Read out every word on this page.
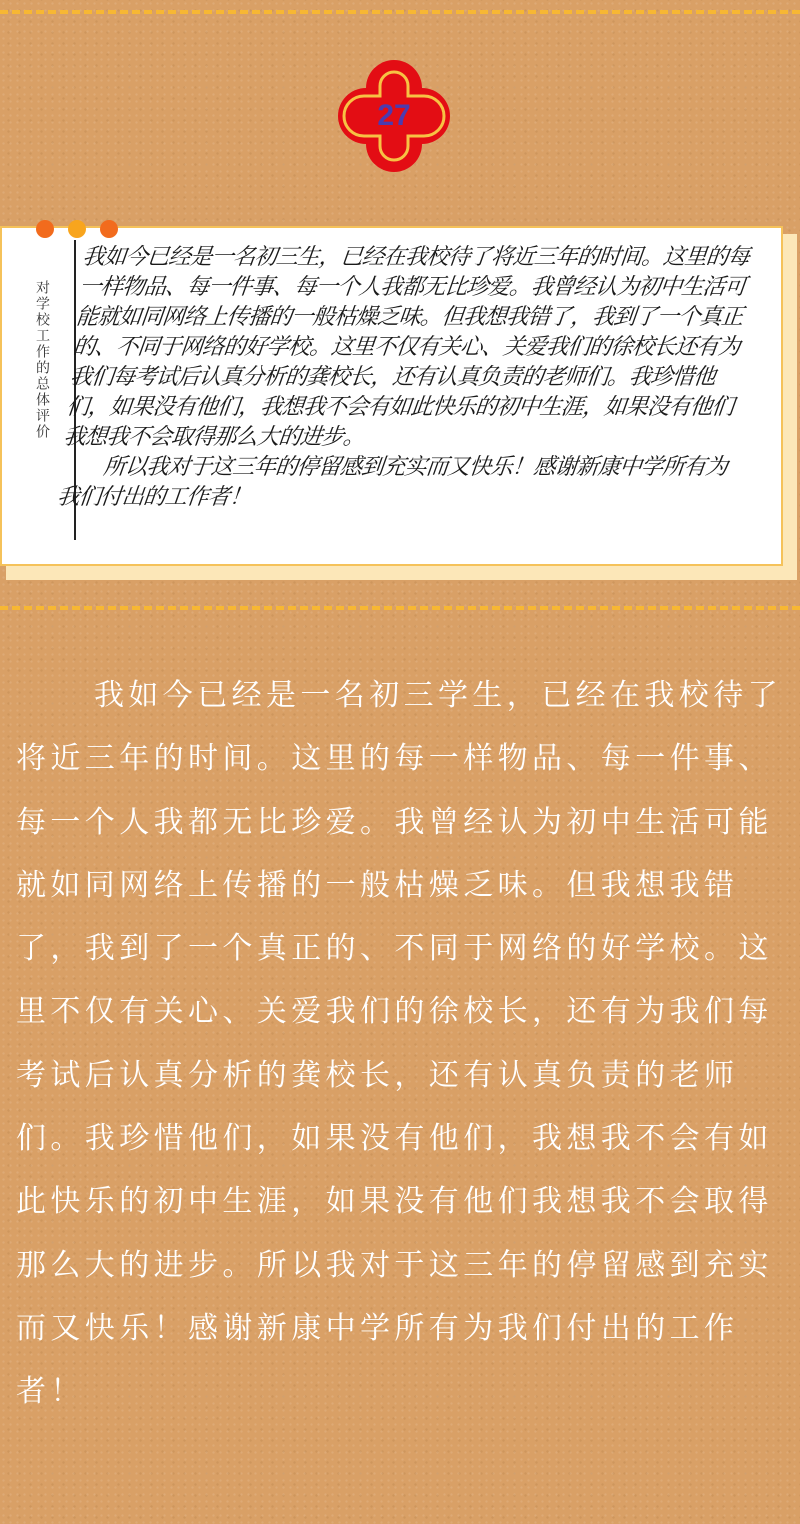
27
对学校工作的总体评价
我如今已经是一名初三生，已经在我校待了将近三年的时间。这里的每一样物品、每一件事、每一个人我都无比珍爱。我曾经认为初中生活可能就如同网络上传播的一般枯燥乏味。但我想我错了，我到了一个真正的、不同于网络的好学校。这里不仅有关心、关爱我们的徐校长还有为我们每考试后认真分析的龚校长，还有认真负责的老师们。我珍惜他们，如果没有他们，我想我不会有如此快乐的初中生涯，如果没有他们我想我不会取得那么大的进步。
　　所以我对于这三年的停留感到充实而又快乐！感谢新康中学所有为我们付出的工作者！
我如今已经是一名初三学生，已经在我校待了将近三年的时间。这里的每一样物品、每一件事、每一个人我都无比珍爱。我曾经认为初中生活可能就如同网络上传播的一般枯燥乏味。但我想我错了，我到了一个真正的、不同于网络的好学校。这里不仅有关心、关爱我们的徐校长，还有为我们每考试后认真分析的龚校长，还有认真负责的老师们。我珍惜他们，如果没有他们，我想我不会有如此快乐的初中生涯，如果没有他们我想我不会取得那么大的进步。所以我对于这三年的停留感到充实而又快乐！感谢新康中学所有为我们付出的工作者！
